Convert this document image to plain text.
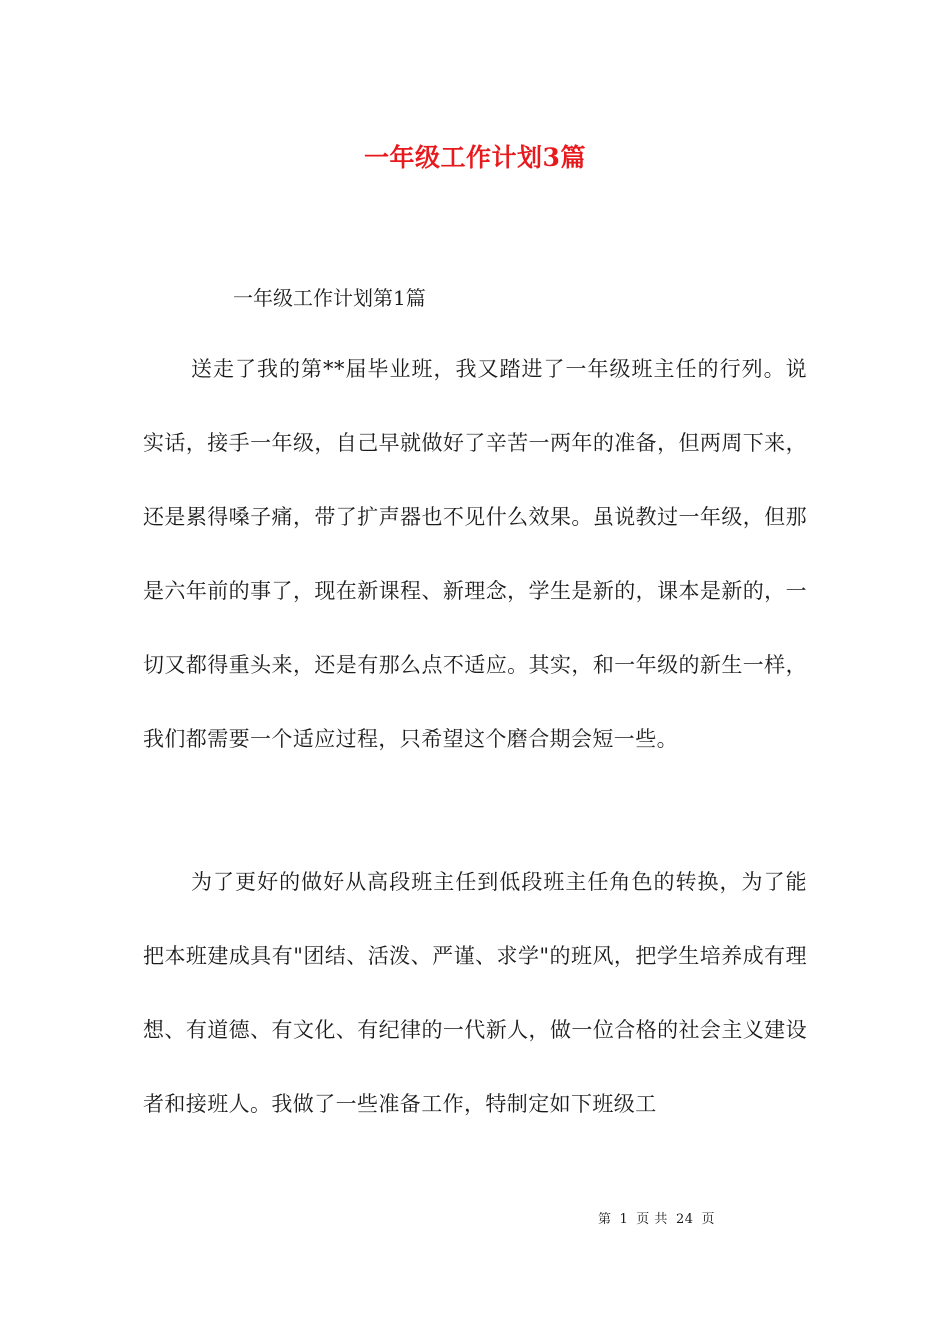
一年级工作计划3篇
一年级工作计划第1篇

送走了我的第**届毕业班，我又踏进了一年级班主任的行列。说实话，接手一年级，自己早就做好了辛苦一两年的准备，但两周下来，还是累得嗓子痛，带了扩声器也不见什么效果。虽说教过一年级，但那是六年前的事了，现在新课程、新理念，学生是新的，课本是新的，一切又都得重头来，还是有那么点不适应。其实，和一年级的新生一样，我们都需要一个适应过程，只希望这个磨合期会短一些。

为了更好的做好从高段班主任到低段班主任角色的转换，为了能把本班建成具有"团结、活泼、严谨、求学"的班风，把学生培养成有理想、有道德、有文化、有纪律的一代新人，做一位合格的社会主义建设者和接班人。我做了一些准备工作，特制定如下班级工

第 1 页 共 24 页
